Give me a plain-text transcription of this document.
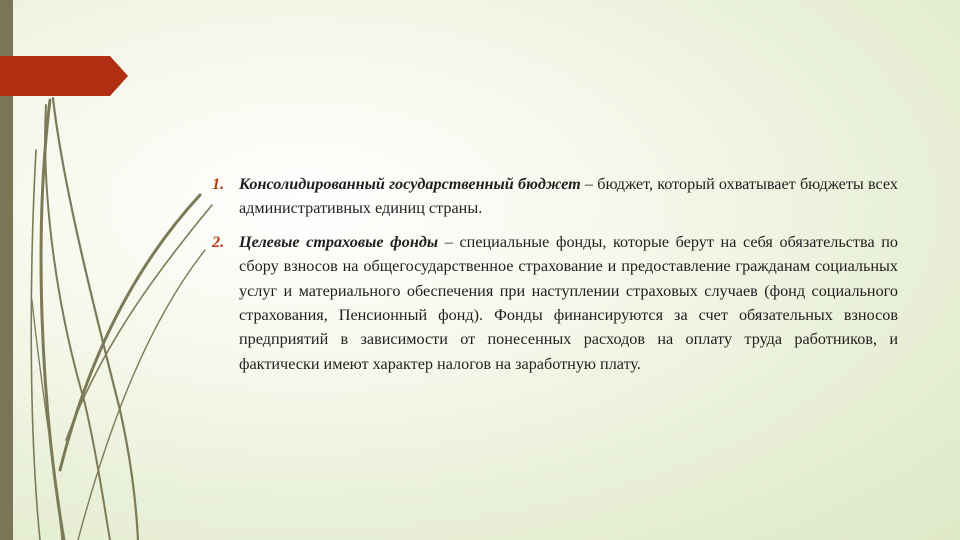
1. Консолидированный государственный бюджет – бюджет, который охватывает бюджеты всех административных единиц страны.
2. Целевые страховые фонды – специальные фонды, которые берут на себя обязательства по сбору взносов на общегосударственное страхование и предоставление гражданам социальных услуг и материального обеспечения при наступлении страховых случаев (фонд социального страхования, Пенсионный фонд). Фонды финансируются за счет обязательных взносов предприятий в зависимости от понесенных расходов на оплату труда работников, и фактически имеют характер налогов на заработную плату.
